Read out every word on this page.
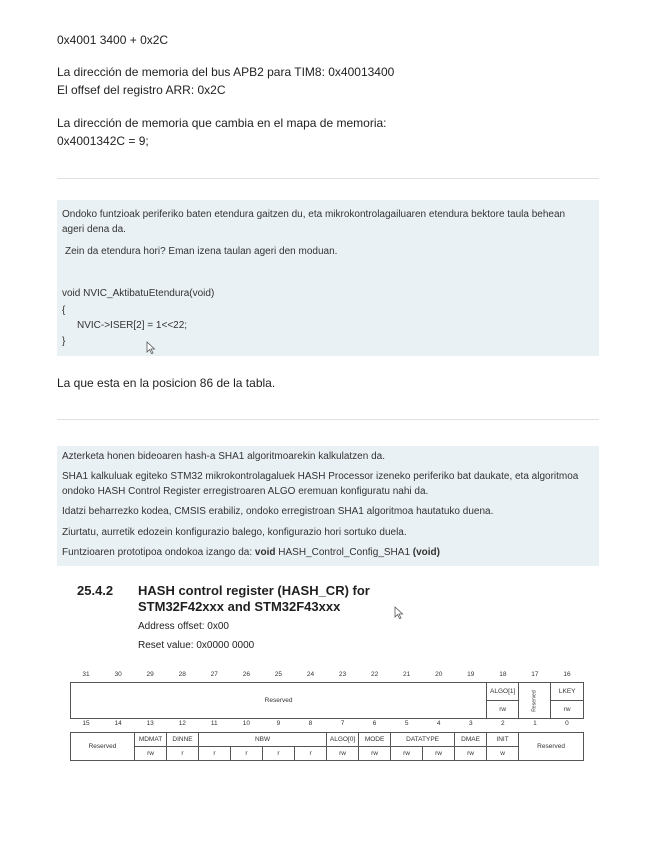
0x4001 3400 + 0x2C
La dirección de memoria del bus APB2 para TIM8: 0x40013400
El offsef del registro ARR: 0x2C
La dirección de memoria que cambia en el mapa de memoria:
0x4001342C = 9;
Ondoko funtzioak periferiko baten etendura gaitzen du, eta mikrokontrolagailuaren etendura bektore taula behean
ageri dena da.
Zein da etendura hori? Eman izena taulan ageri den moduan.
void NVIC_AktibatuEtendura(void)
{
NVIC->ISER[2] = 1<<22;
}
La que esta en la posicion 86 de la tabla.
Azterketa honen bideoaren hash-a SHA1 algoritmoarekin kalkulatzen da.
SHA1 kalkuluak egiteko STM32 mikrokontrolagaluek HASH Processor izeneko periferiko bat daukate, eta algoritmoa
ondoko HASH Control Register erregistroaren ALGO eremuan konfiguratu nahi da.
Idatzi beharrezko kodea, CMSIS erabiliz, ondoko erregistroan SHA1 algoritmoa hautatuko duena.
Ziurtatu, aurretik edozein konfigurazio balego, konfigurazio hori sortuko duela.
Funtzioaren prototipoa ondokoa izango da: void HASH_Control_Config_SHA1 (void)
25.4.2 HASH control register (HASH_CR) for
STM32F42xxx and STM32F43xxx
Address offset: 0x00
Reset value: 0x0000 0000
31	30	29	28	27	26	25	24	23	22	21	20	19	18	17	16
Reserved	ALGO[1]	Reserved	LKEY
	rw		rw
15	14	13	12	11	10	9	8	7	6	5	4	3	2	1	0
Reserved	MDMAT	DINNE	NBW				ALGO[0]	MODE	DATATYPE		DMAE	INIT	Reserved
	rw	r	r	r	r	r	rw	rw	rw	rw	rw	w	
